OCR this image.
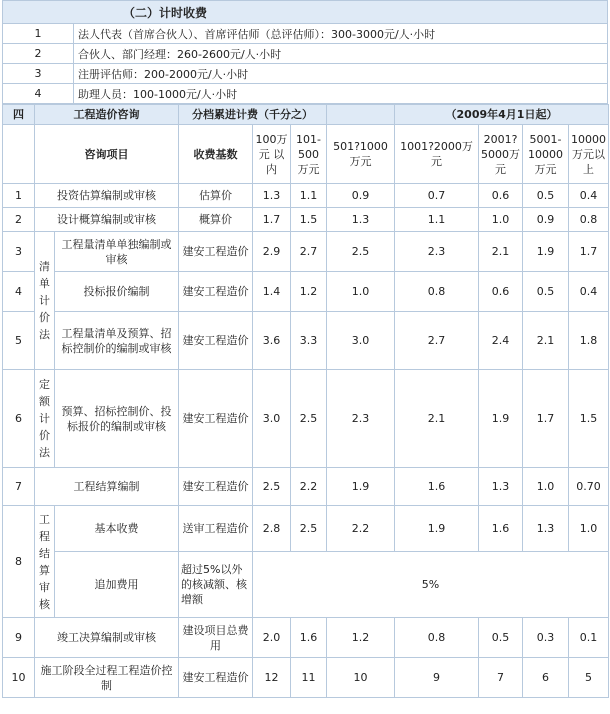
（二）计时收费
1	法人代表（首席合伙人）、首席评估师（总评估师）：300-3000元/人·小时
2	合伙人、部门经理：260-2600元/人·小时
3	注册评估师：200-2000元/人·小时
4	助理人员：100-1000元/人·小时
四	工程造价咨询		分档累进计费（千分之）				（2009年4月1日起）			
	咨询项目		收费基数	100万元 以内	101-500万元	501?1000万元	1001?2000万元	2001?5000万元	5001-10000万元	10000万元以上
1	投资估算编制或审核		估算价	1.3	1.1	0.9	0.7	0.6	0.5	0.4
2	设计概算编制或审核		概算价	1.7	1.5	1.3	1.1	1.0	0.9	0.8
3	清单计价法	工程量清单单独编制或审核	建安工程造价	2.9	2.7	2.5	2.3	2.1	1.9	1.7
4		投标报价编制	建安工程造价	1.4	1.2	1.0	0.8	0.6	0.5	0.4
5		工程量清单及预算、招标控制价的编制或审核	建安工程造价	3.6	3.3	3.0	2.7	2.4	2.1	1.8
6	定额计价法	预算、招标控制价、投标报价的编制或审核	建安工程造价	3.0	2.5	2.3	2.1	1.9	1.7	1.5
7	工程结算编制		建安工程造价	2.5	2.2	1.9	1.6	1.3	1.0	0.70
8	工程结算审核	基本收费	送审工程造价	2.8	2.5	2.2	1.9	1.6	1.3	1.0
		追加费用	超过5%以外的核减额、核增额	5%						
9	竣工决算编制或审核		建设项目总费用	2.0	1.6	1.2	0.8	0.5	0.3	0.1
10	施工阶段全过程工程造价控制		建安工程造价	12	11	10	9	7	6	5
